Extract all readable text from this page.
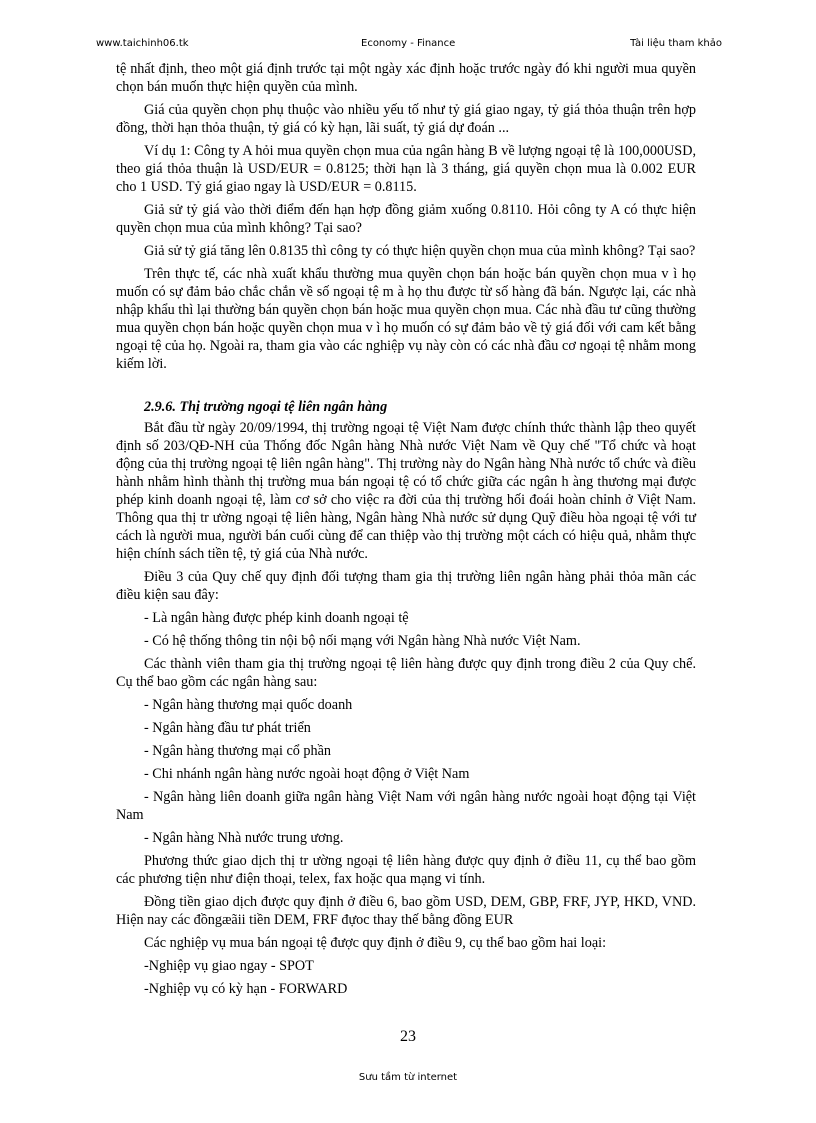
www.taichinh06.tk	Economy - Finance	Tài liệu tham khảo

tệ nhất định, theo một giá định trước tại một ngày xác định hoặc trước ngày đó khi người mua quyền chọn bán muốn thực hiện quyền của mình.

Giá của quyền chọn phụ thuộc vào nhiều yếu tố như tỷ giá giao ngay, tỷ giá thỏa thuận trên hợp đồng, thời hạn thỏa thuận, tỷ giá có kỳ hạn, lãi suất, tỷ giá dự đoán ...

Ví dụ 1: Công ty A hỏi mua quyền chọn mua của ngân hàng B về lượng ngoại tệ là 100,000USD, theo giá thỏa thuận là USD/EUR = 0.8125; thời hạn là 3 tháng, giá quyền chọn mua là 0.002 EUR cho 1 USD. Tỷ giá giao ngay là USD/EUR = 0.8115.

Giả sử tỷ giá vào thời điểm đến hạn hợp đồng giảm xuống 0.8110. Hỏi công ty A có thực hiện quyền chọn mua của mình không? Tại sao?

Giả sử tỷ giá tăng lên 0.8135 thì công ty có thực hiện quyền chọn mua của mình không? Tại sao?

Trên thực tế, các nhà xuất khẩu thường mua quyền chọn bán hoặc bán quyền chọn mua v ì họ muốn có sự đảm bảo chắc chắn về số ngoại tệ m à họ thu được từ số hàng đã bán. Ngược lại, các nhà nhập khẩu thì lại thường bán quyền chọn bán hoặc mua quyền chọn mua. Các nhà đầu tư cũng thường mua quyền chọn bán hoặc quyền chọn mua v ì họ muốn có sự đảm bảo về tỷ giá đối với cam kết bằng ngoại tệ của họ. Ngoài ra, tham gia vào các nghiệp vụ này còn có các nhà đầu cơ ngoại tệ nhằm mong kiếm lời.

2.9.6. Thị trường ngoại tệ liên ngân hàng

Bắt đầu từ ngày 20/09/1994, thị trường ngoại tệ Việt Nam được chính thức thành lập theo quyết định số 203/QĐ-NH của Thống đốc Ngân hàng Nhà nước Việt Nam về Quy chế "Tổ chức và hoạt động của thị trường ngoại tệ liên ngân hàng". Thị trường này do Ngân hàng Nhà nước tổ chức và điều hành nhằm hình thành thị trường mua bán ngoại tệ có tổ chức giữa các ngân h àng thương mại được phép kinh doanh ngoại tệ, làm cơ sở cho việc ra đời của thị trường hối đoái hoàn chỉnh ở Việt Nam. Thông qua thị tr ường ngoại tệ liên hàng, Ngân hàng Nhà nước sử dụng Quỹ điều hòa ngoại tệ với tư cách là người mua, người bán cuối cùng để can thiệp vào thị trường một cách có hiệu quả, nhằm thực hiện chính sách tiền tệ, tỷ giá của Nhà nước.

Điều 3 của Quy chế quy định đối tượng tham gia thị trường liên ngân hàng phải thỏa mãn các điều kiện sau đây:

- Là ngân hàng được phép kinh doanh ngoại tệ

- Có hệ thống thông tin nội bộ nối mạng với Ngân hàng Nhà nước Việt Nam.

Các thành viên tham gia thị trường ngoại tệ liên hàng được quy định trong điều 2 của Quy chế. Cụ thể bao gồm các ngân hàng sau:

- Ngân hàng thương mại quốc doanh

- Ngân hàng đầu tư phát triển

- Ngân hàng thương mại cổ phần

- Chi nhánh ngân hàng nước ngoài hoạt động ở Việt Nam

- Ngân hàng liên doanh giữa ngân hàng Việt Nam với ngân hàng nước ngoài hoạt động tại Việt Nam

- Ngân hàng Nhà nước trung ương.

Phương thức giao dịch thị tr ường ngoại tệ liên hàng được quy định ở điều 11, cụ thể bao gồm các phương tiện như điện thoại, telex, fax hoặc qua mạng vi tính.

Đồng tiền giao dịch được quy định ở điều 6, bao gồm USD, DEM, GBP, FRF, JYP, HKD, VND. Hiện nay các đồngæãii tiền DEM, FRF đựoc thay thế bằng đồng EUR

Các nghiệp vụ mua bán ngoại tệ được quy định ở điều 9, cụ thể bao gồm hai loại:

-Nghiệp vụ giao ngay - SPOT

-Nghiệp vụ có kỳ hạn - FORWARD

23
Sưu tầm từ internet
